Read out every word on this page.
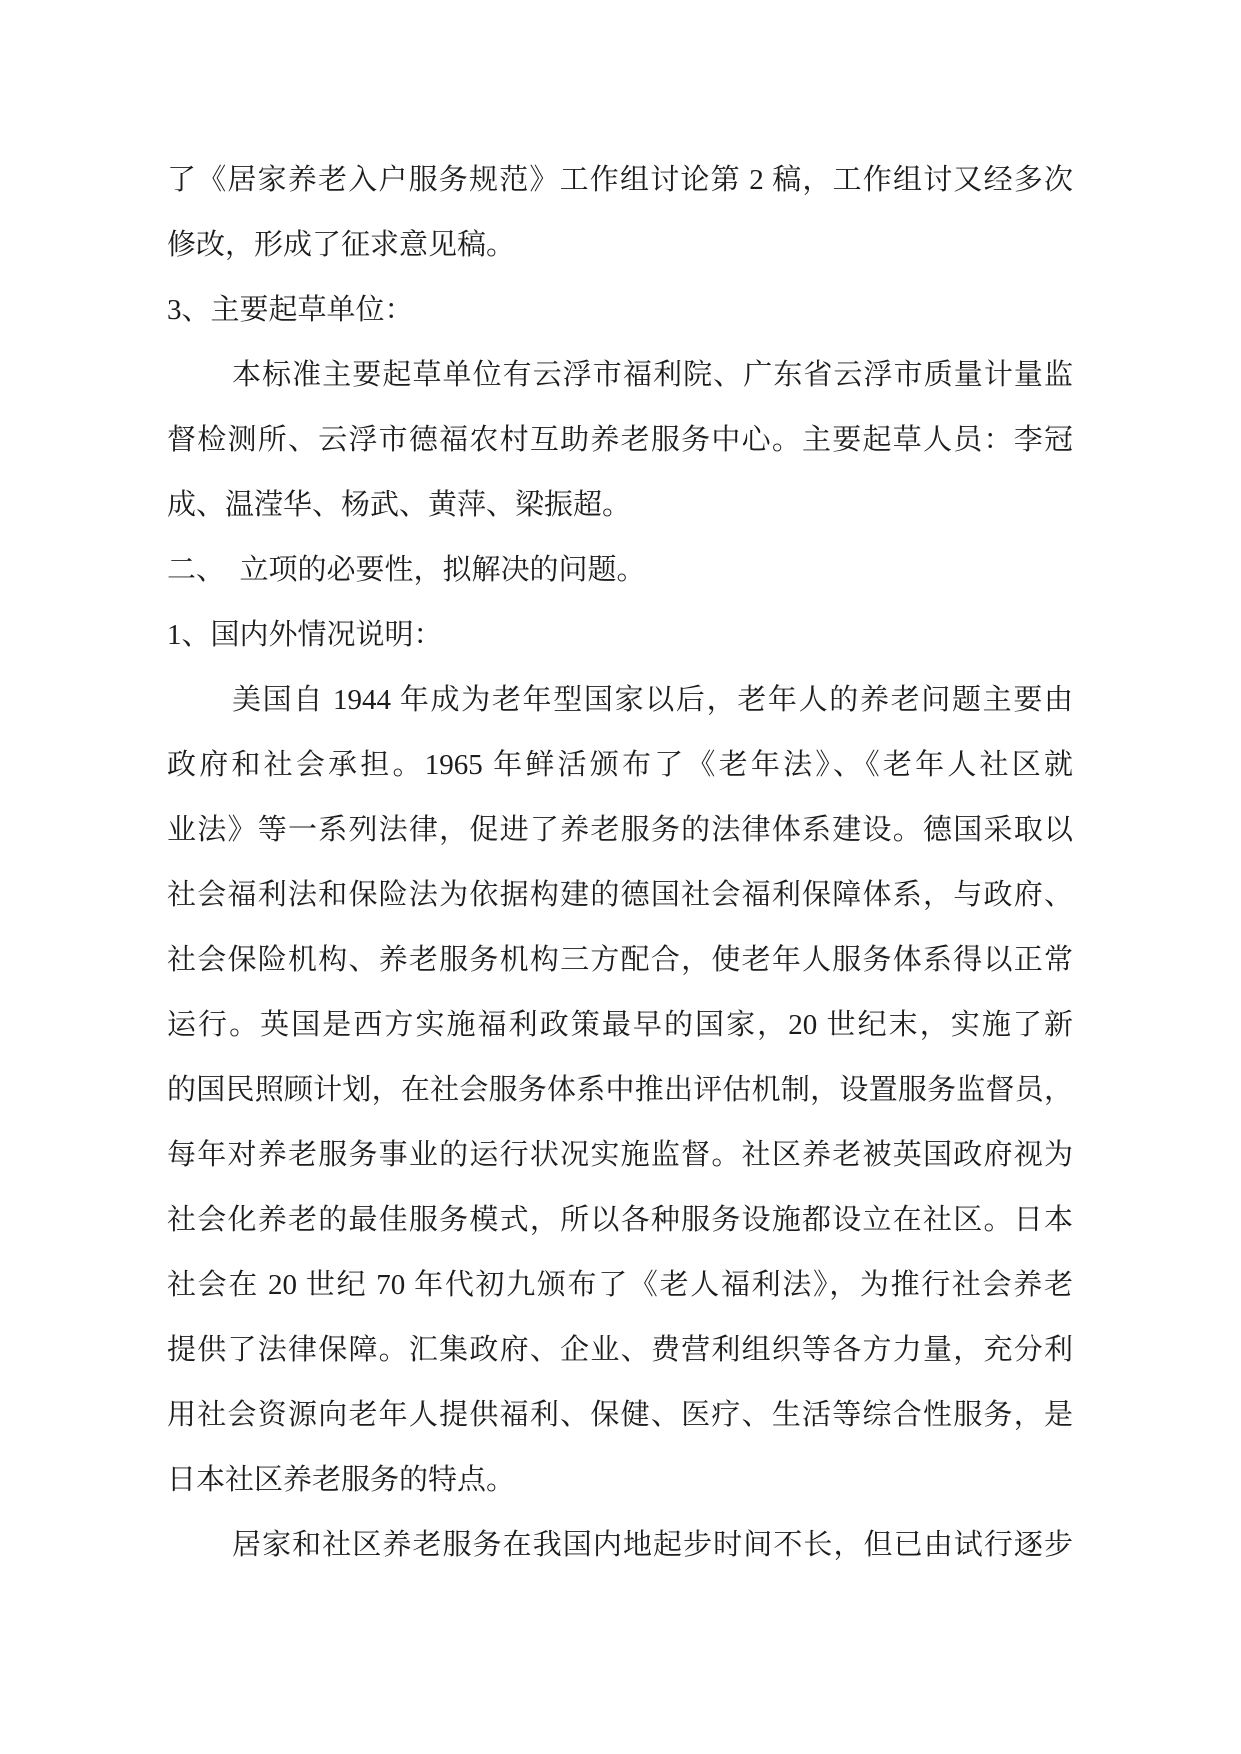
了《居家养老入户服务规范》工作组讨论第 2 稿，工作组讨又经多次
修改，形成了征求意见稿。
3、主要起草单位：
本标准主要起草单位有云浮市福利院、广东省云浮市质量计量监
督检测所、云浮市德福农村互助养老服务中心。主要起草人员：李冠
成、温滢华、杨武、黄萍、梁振超。
二、　立项的必要性，拟解决的问题。
1、国内外情况说明：
美国自 1944 年成为老年型国家以后，老年人的养老问题主要由
政府和社会承担。1965 年鲜活颁布了《老年法》、《老年人社区就
业法》等一系列法律，促进了养老服务的法律体系建设。德国采取以
社会福利法和保险法为依据构建的德国社会福利保障体系，与政府、
社会保险机构、养老服务机构三方配合，使老年人服务体系得以正常
运行。英国是西方实施福利政策最早的国家，20 世纪末，实施了新
的国民照顾计划，在社会服务体系中推出评估机制，设置服务监督员，
每年对养老服务事业的运行状况实施监督。社区养老被英国政府视为
社会化养老的最佳服务模式，所以各种服务设施都设立在社区。日本
社会在 20 世纪 70 年代初九颁布了《老人福利法》，为推行社会养老
提供了法律保障。汇集政府、企业、费营利组织等各方力量，充分利
用社会资源向老年人提供福利、保健、医疗、生活等综合性服务，是
日本社区养老服务的特点。
居家和社区养老服务在我国内地起步时间不长，但已由试行逐步
